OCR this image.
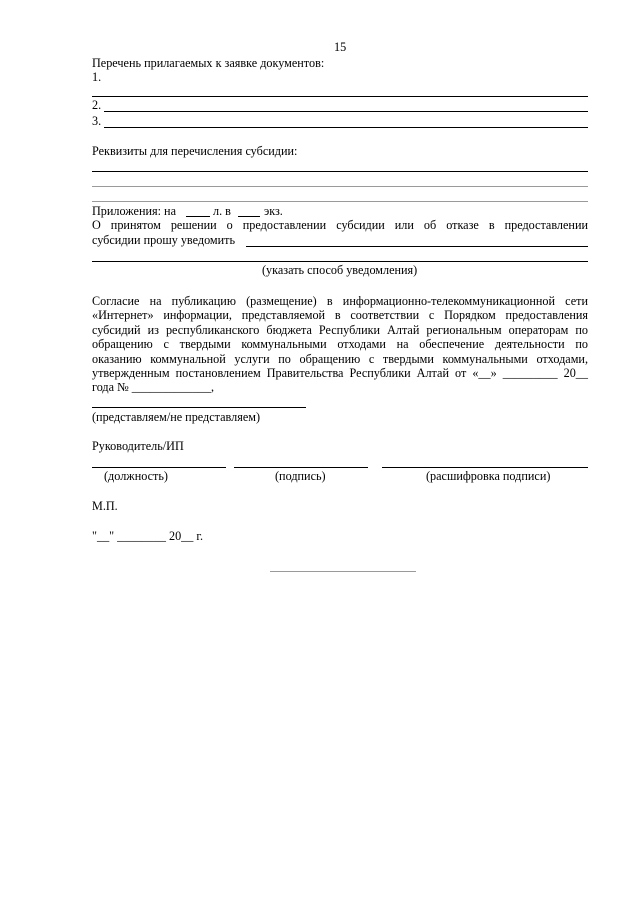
15
Перечень прилагаемых к заявке документов:
1.
2.
3.
Реквизиты для перечисления субсидии:
Приложения: на	л. в	экз.
О принятом решении о предоставлении субсидии или об отказе в предоставлении
субсидии прошу уведомить
(указать способ уведомления)
Согласие на публикацию (размещение) в информационно-телекоммуникационной сети
«Интернет» информации, представляемой в соответствии с Порядком предоставления
субсидий из республиканского бюджета Республики Алтай региональным операторам по
обращению с твердыми коммунальными отходами на обеспечение деятельности по
оказанию коммунальной услуги по обращению с твердыми коммунальными отходами,
утвержденным постановлением Правительства Республики Алтай от «__» _________ 20__
года № _____________,
(представляем/не представляем)
Руководитель/ИП
(должность)	(подпись)	(расшифровка подписи)
М.П.
"__" ________ 20__ г.
